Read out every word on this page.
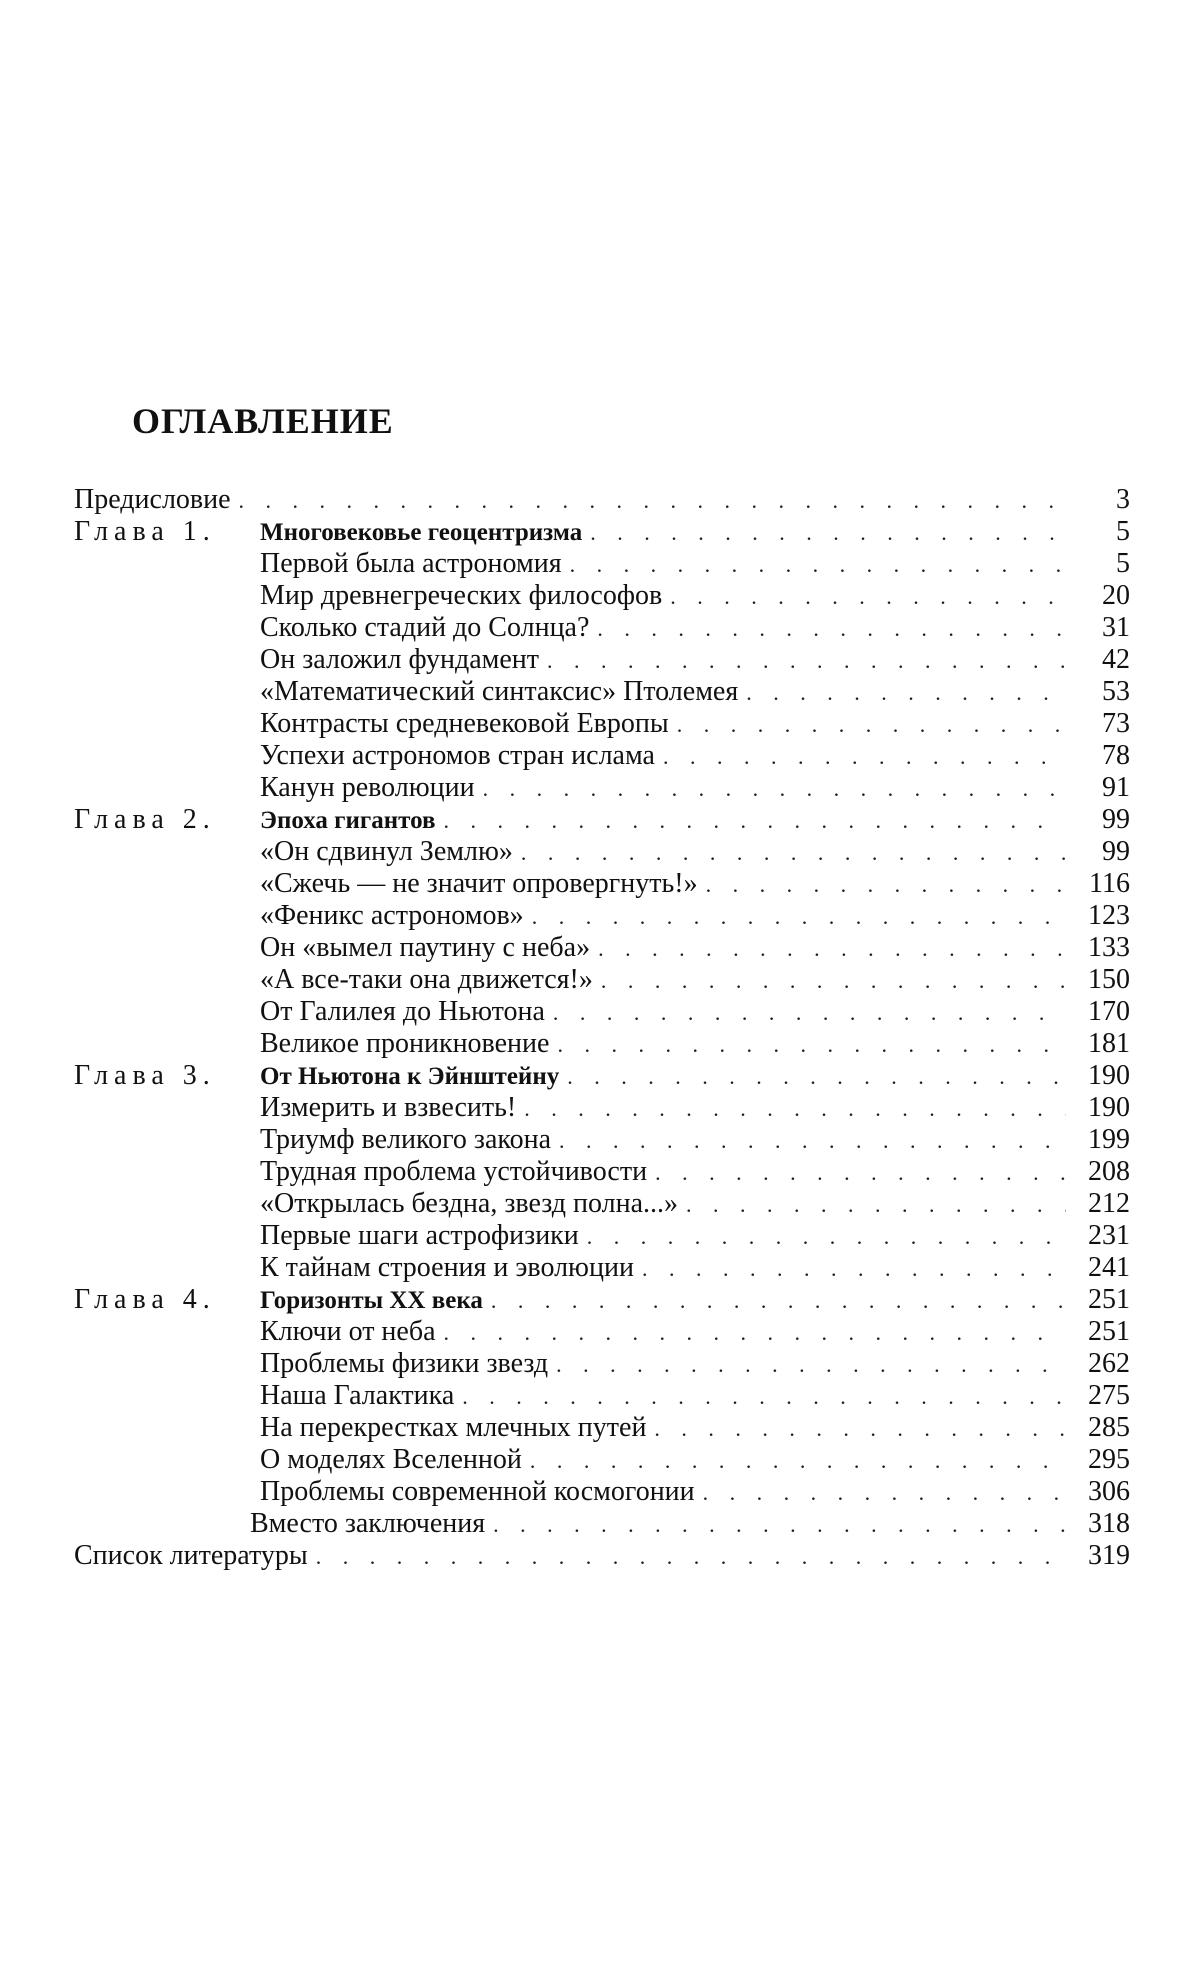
ОГЛАВЛЕНИЕ
Предисловие . . .	3
Глава 1.	Многовековье геоцентризма . . .	5
Первой была астрономия . . .	5
Мир древнегреческих философов . . .	20
Сколько стадий до Солнца? . . .	31
Он заложил фундамент . . .	42
«Математический синтаксис» Птолемея . . .	53
Контрасты средневековой Европы . . .	73
Успехи астрономов стран ислама . . .	78
Канун революции . . .	91
Глава 2.	Эпоха гигантов . . .	99
«Он сдвинул Землю» . . .	99
«Сжечь — не значит опровергнуть!» . . .	116
«Феникс астрономов» . . .	123
Он «вымел паутину с неба» . . .	133
«А все-таки она движется!» . . .	150
От Галилея до Ньютона . . .	170
Великое проникновение . . .	181
Глава 3.	От Ньютона к Эйнштейну . . .	190
Измерить и взвесить! . . .	190
Триумф великого закона . . .	199
Трудная проблема устойчивости . . .	208
«Открылась бездна, звезд полна...» . . .	212
Первые шаги астрофизики . . .	231
К тайнам строения и эволюции . . .	241
Глава 4.	Горизонты XX века . . .	251
Ключи от неба . . .	251
Проблемы физики звезд . . .	262
Наша Галактика . . .	275
На перекрестках млечных путей . . .	285
О моделях Вселенной . . .	295
Проблемы современной космогонии . . .	306
Вместо заключения . . .	318
Список литературы . . .	319
